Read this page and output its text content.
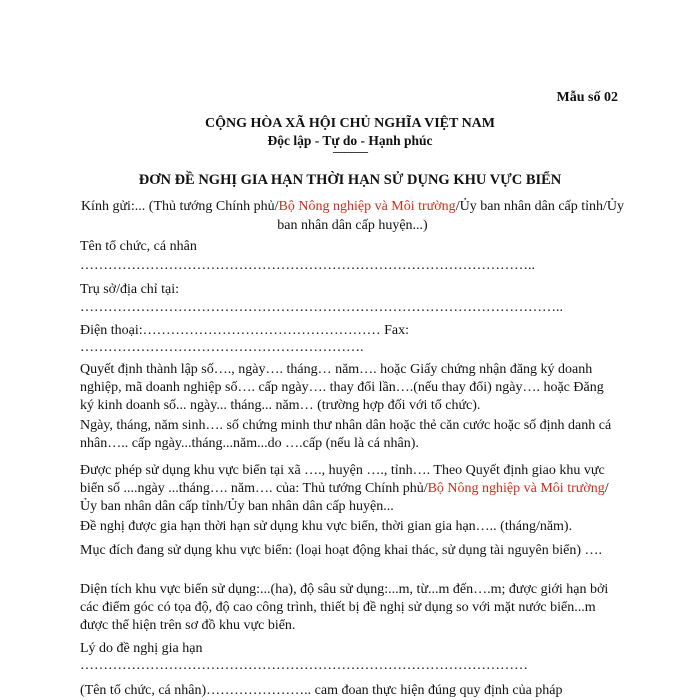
Mẫu số 02
CỘNG HÒA XÃ HỘI CHỦ NGHĨA VIỆT NAM
Độc lập - Tự do - Hạnh phúc
---------------
ĐƠN ĐỀ NGHỊ GIA HẠN THỜI HẠN SỬ DỤNG KHU VỰC BIỂN
Kính gửi:... (Thủ tướng Chính phủ/Bộ Nông nghiệp và Môi trường/Ủy ban nhân dân cấp tỉnh/Ủy ban nhân dân cấp huyện...)
Tên tổ chức, cá nhân
……………………………………………………………………………………..
Trụ sở/địa chỉ tại:
…………………………………………………………………………………………..
Điện thoại:…………………………………………… Fax:
…………………………………………………….
Quyết định thành lập số…., ngày…. tháng… năm…. hoặc Giấy chứng nhận đăng ký doanh nghiệp, mã doanh nghiệp số…. cấp ngày…. thay đổi lần….(nếu thay đổi) ngày…. hoặc Đăng ký kinh doanh số... ngày... tháng... năm… (trường hợp đối với tổ chức).
Ngày, tháng, năm sinh…. số chứng minh thư nhân dân hoặc thẻ căn cước hoặc số định danh cá nhân….. cấp ngày...tháng...năm...do ….cấp (nếu là cá nhân).
Được phép sử dụng khu vực biển tại xã …., huyện …., tỉnh…. Theo Quyết định giao khu vực biển số ....ngày ...tháng…. năm…. của: Thủ tướng Chính phủ/Bộ Nông nghiệp và Môi trường/Ủy ban nhân dân cấp tỉnh/Ủy ban nhân dân cấp huyện...
Đề nghị được gia hạn thời hạn sử dụng khu vực biển, thời gian gia hạn….. (tháng/năm).
Mục đích đang sử dụng khu vực biển: (loại hoạt động khai thác, sử dụng tài nguyên biển) ….
Diện tích khu vực biển sử dụng:...(ha), độ sâu sử dụng:...m, từ...m đến….m; được giới hạn bởi các điểm góc có tọa độ, độ cao công trình, thiết bị đề nghị sử dụng so với mặt nước biển...m được thể hiện trên sơ đồ khu vực biển.
Lý do đề nghị gia hạn
……………………………………………………………………………………
(Tên tổ chức, cá nhân)………………….. cam đoan thực hiện đúng quy định của pháp
